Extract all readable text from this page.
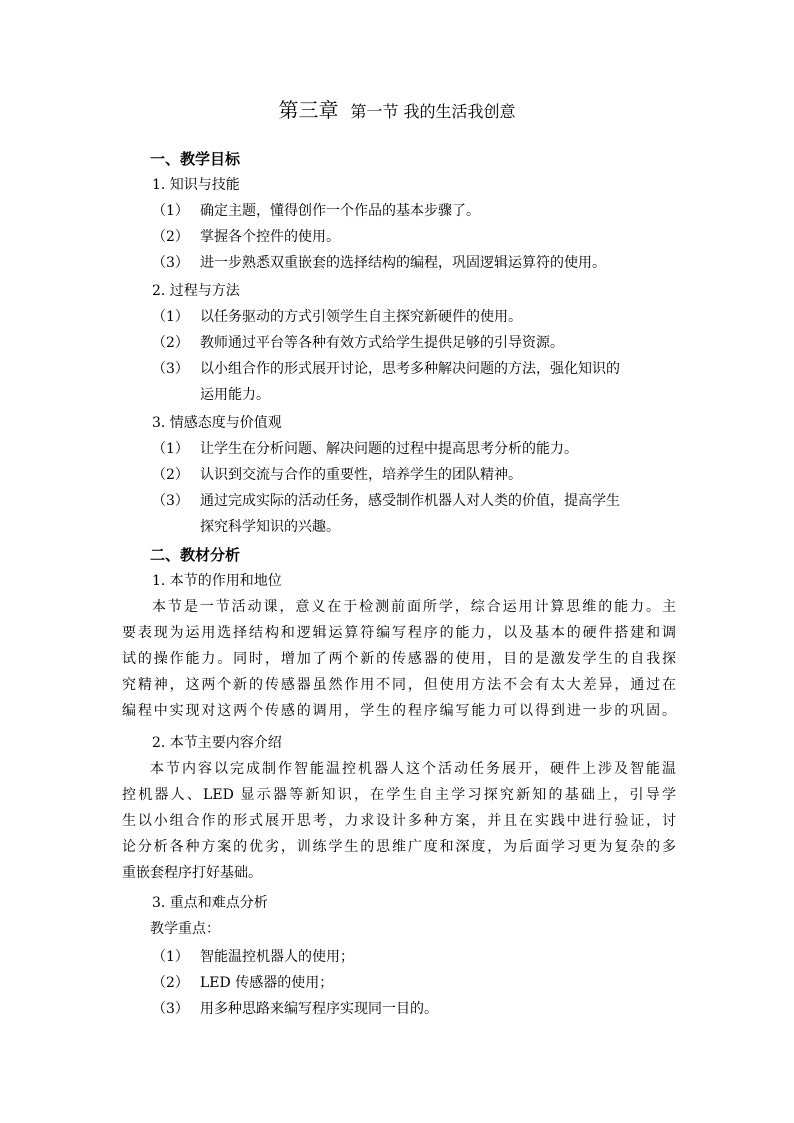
第三章 第一节 我的生活我创意
一、教学目标
1. 知识与技能
（1） 确定主题，懂得创作一个作品的基本步骤了。
（2） 掌握各个控件的使用。
（3） 进一步熟悉双重嵌套的选择结构的编程，巩固逻辑运算符的使用。
2. 过程与方法
（1） 以任务驱动的方式引领学生自主探究新硬件的使用。
（2） 教师通过平台等各种有效方式给学生提供足够的引导资源。
（3） 以小组合作的形式展开讨论，思考多种解决问题的方法，强化知识的
运用能力。
3. 情感态度与价值观
（1） 让学生在分析问题、解决问题的过程中提高思考分析的能力。
（2） 认识到交流与合作的重要性，培养学生的团队精神。
（3） 通过完成实际的活动任务，感受制作机器人对人类的价值，提高学生
探究科学知识的兴趣。
二、教材分析
1. 本节的作用和地位
本节是一节活动课，意义在于检测前面所学，综合运用计算思维的能力。主
要表现为运用选择结构和逻辑运算符编写程序的能力，以及基本的硬件搭建和调
试的操作能力。同时，增加了两个新的传感器的使用，目的是激发学生的自我探
究精神，这两个新的传感器虽然作用不同，但使用方法不会有太大差异，通过在
编程中实现对这两个传感的调用，学生的程序编写能力可以得到进一步的巩固。
2. 本节主要内容介绍
本节内容以完成制作智能温控机器人这个活动任务展开，硬件上涉及智能温
控机器人、LED 显示器等新知识，在学生自主学习探究新知的基础上，引导学
生以小组合作的形式展开思考，力求设计多种方案，并且在实践中进行验证，讨
论分析各种方案的优劣，训练学生的思维广度和深度，为后面学习更为复杂的多
重嵌套程序打好基础。
3. 重点和难点分析
教学重点：
（1） 智能温控机器人的使用；
（2） LED 传感器的使用；
（3） 用多种思路来编写程序实现同一目的。
